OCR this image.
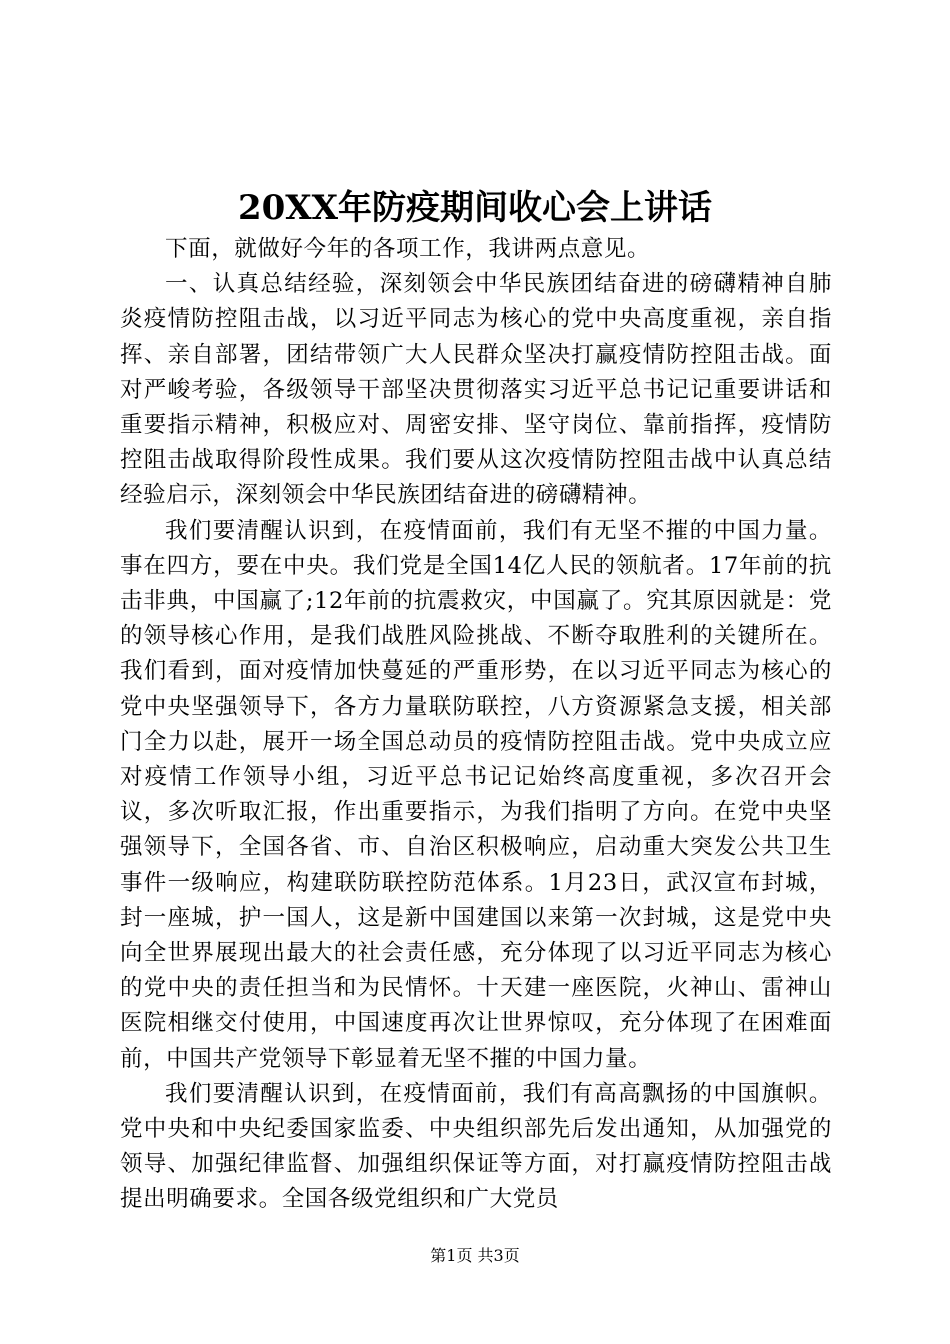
20XX年防疫期间收心会上讲话

下面，就做好今年的各项工作，我讲两点意见。

一、认真总结经验，深刻领会中华民族团结奋进的磅礴精神自肺炎疫情防控阻击战，以习近平同志为核心的党中央高度重视，亲自指挥、亲自部署，团结带领广大人民群众坚决打赢疫情防控阻击战。面对严峻考验，各级领导干部坚决贯彻落实习近平总书记记重要讲话和重要指示精神，积极应对、周密安排、坚守岗位、靠前指挥，疫情防控阻击战取得阶段性成果。我们要从这次疫情防控阻击战中认真总结经验启示，深刻领会中华民族团结奋进的磅礴精神。

我们要清醒认识到，在疫情面前，我们有无坚不摧的中国力量。事在四方，要在中央。我们党是全国14亿人民的领航者。17年前的抗击非典，中国赢了;12年前的抗震救灾，中国赢了。究其原因就是：党的领导核心作用，是我们战胜风险挑战、不断夺取胜利的关键所在。我们看到，面对疫情加快蔓延的严重形势，在以习近平同志为核心的党中央坚强领导下，各方力量联防联控，八方资源紧急支援，相关部门全力以赴，展开一场全国总动员的疫情防控阻击战。党中央成立应对疫情工作领导小组，习近平总书记记始终高度重视，多次召开会议，多次听取汇报，作出重要指示，为我们指明了方向。在党中央坚强领导下，全国各省、市、自治区积极响应，启动重大突发公共卫生事件一级响应，构建联防联控防范体系。1月23日，武汉宣布封城，封一座城，护一国人，这是新中国建国以来第一次封城，这是党中央向全世界展现出最大的社会责任感，充分体现了以习近平同志为核心的党中央的责任担当和为民情怀。十天建一座医院，火神山、雷神山医院相继交付使用，中国速度再次让世界惊叹，充分体现了在困难面前，中国共产党领导下彰显着无坚不摧的中国力量。

我们要清醒认识到，在疫情面前，我们有高高飘扬的中国旗帜。党中央和中央纪委国家监委、中央组织部先后发出通知，从加强党的领导、加强纪律监督、加强组织保证等方面，对打赢疫情防控阻击战提出明确要求。全国各级党组织和广大党员

第1页 共3页
